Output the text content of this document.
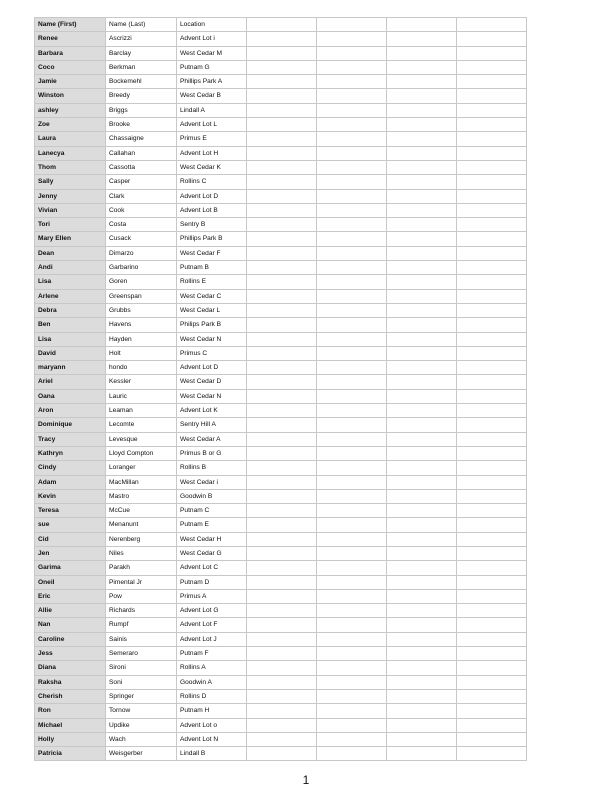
Name (First)	Name (Last)	Location				
Renee	Ascrizzi	Advent Lot i				
Barbara	Barclay	West Cedar M				
Coco	Berkman	Putnam G				
Jamie	Bockemehl	Phillips Park A				
Winston	Breedy	West Cedar B				
ashley	Briggs	Lindall A				
Zoe	Brooke	Advent Lot L				
Laura	Chassaigne	Primus E				
Lanecya	Callahan	Advent Lot H				
Thom	Cassotta	West Cedar K				
Sally	Casper	Rollins C				
Jenny	Clark	Advent Lot D				
Vivian	Cook	Advent Lot B				
Tori	Costa	Sentry B				
Mary Ellen	Cusack	Phillips Park B				
Dean	Dimarzo	West Cedar F				
Andi	Garbarino	Putnam B				
Lisa	Goren	Rollins E				
Arlene	Greenspan	West Cedar C				
Debra	Grubbs	West Cedar L				
Ben	Havens	Philips Park B				
Lisa	Hayden	West Cedar N				
David	Holt	Primus C				
maryann	hondo	Advent Lot D				
Ariel	Kessler	West Cedar D				
Oana	Lauric	West Cedar N				
Aron	Leaman	Advent Lot K				
Dominique	Lecomte	Sentry Hill A				
Tracy	Levesque	West Cedar A				
Kathryn	Lloyd Compton	Primus B or G				
Cindy	Loranger	Rollins B				
Adam	MacMillan	West Cedar i				
Kevin	Mastro	Goodwin B				
Teresa	McCue	Putnam C				
sue	Menanunt	Putnam E				
Cid	Nerenberg	West Cedar H				
Jen	Niles	West Cedar G				
Garima	Parakh	Advent Lot C				
Oneil	Pimental Jr	Putnam D				
Eric	Pow	Primus A				
Allie	Richards	Advent Lot G				
Nan	Rumpf	Advent Lot F				
Caroline	Sainis	Advent Lot J				
Jess	Semeraro	Putnam F				
Diana	Sironi	Rollins A				
Raksha	Soni	Goodwin A				
Cherish	Springer	Rollins D				
Ron	Tornow	Putnam H				
Michael	Updike	Advent Lot o				
Holly	Wach	Advent Lot N				
Patricia	Weisgerber	Lindall B				
1
